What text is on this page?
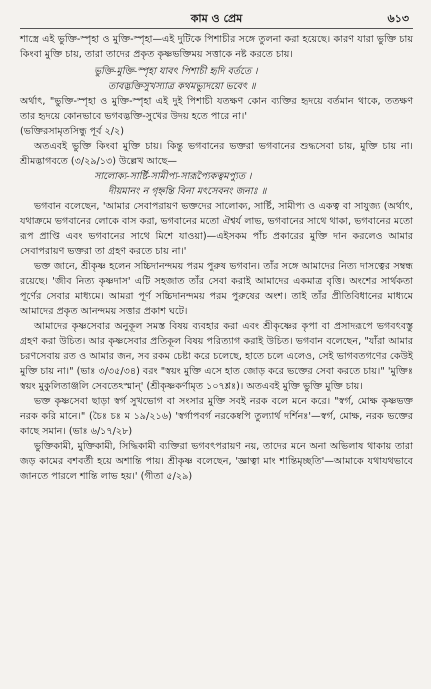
কাম ও প্রেম	৬১৩

শাস্ত্রে এই ভুক্তি-স্পৃহা ও মুক্তি-স্পৃহা—এই দুটিকে পিশাচীর সঙ্গে তুলনা করা হয়েছে। কারণ যারা ভুক্তি চায় কিংবা মুক্তি চায়, তারা তাদের প্রকৃত কৃষ্ণভক্তিময় সত্তাকে নষ্ট করতে চায়।

ভুক্তি-মুক্তি-স্পৃহা যাবৎ পিশাচী হৃদি বর্ততে ।

তাবদ্ভক্তিসুখস্যাত্র কথমভ্যুদয়ো ভবেৎ ॥

অর্থাৎ, "ভুক্তি-স্পৃহা ও মুক্তি-স্পৃহা এই দুই পিশাচী যতক্ষণ কোন ব্যক্তির হৃদয়ে বর্তমান থাকে, ততক্ষণ তার হৃদয়ে কোনভাবে ভগবদ্ভক্তি-সুখের উদয় হতে পারে না।'

(ভক্তিরসামৃতসিন্ধু পূর্ব ২/২)

অতএবই ভুক্তি কিংবা মুক্তি চায়। কিন্তু ভগবানের ভক্তরা ভগবানের শুদ্ধসেবা চায়, মুক্তি চায় না। শ্রীমদ্ভাগবতে (৩/২৯/১৩) উল্লেখ আছে—

সালোক্য-সার্ষ্টি-সামীপ্য-সারূপ্যৈকত্বমপ্যুত ।

দীয়মানং ন গৃহ্নন্তি বিনা মৎসেবনং জনাঃ ॥

ভগবান বলেছেন, 'আমার সেবাপরায়ণ ভক্তদের সালোক্য, সার্ষ্টি, সামীপ্য ও একত্ব বা সাযুজ্য (অর্থাৎ, যথাক্রমে ভগবানের লোকে বাস করা, ভগবানের মতো ঐশ্বর্য লাভ, ভগবানের সাথে থাকা, ভগবানের মতো রূপ প্রাপ্তি এবং ভগবানের সাথে মিশে যাওয়া)—এইসকম পাঁচ প্রকারের মুক্তি দান করলেও আমার সেবাপরায়ণ ভক্তরা তা গ্রহণ করতে চায় না।'

ভক্ত জানে, শ্রীকৃষ্ণ হলেন সচ্চিদানন্দময় পরম পুরুষ ভগবান। তাঁর সঙ্গে আমাদের নিত্য দাসত্বের সম্বন্ধ রয়েছে। 'জীব নিত্য কৃষ্ণদাস' এটি সহজাত তাঁর সেবা করাই আমাদের একমাত্র বৃত্তি। অংশের সার্থকতা পূর্ণের সেবার মাধ্যমে। আমরা পূর্ণ সচ্চিদানন্দময় পরম পুরুষের অংশ। তাই তাঁর প্রীতিবিধানের মাধ্যমে আমাদের প্রকৃত আনন্দময় সত্তার প্রকাশ ঘটে।

আমাদের কৃষ্ণসেবার অনুকূল সমস্ত বিষয় ব্যবহার করা এবং শ্রীকৃষ্ণের কৃপা বা প্রসাদরূপে ভগবৎবস্তু গ্রহণ করা উচিত। আর কৃষ্ণসেবার প্রতিকূল বিষয় পরিত্যাগ করাই উচিত। ভগবান বলেছেন, "যাঁরা আমার চরণসেবায় রত ও আমার জন, সব রকম চেষ্টা করে চলেছে, হাতে চলে এলেও, সেই ভাগবতগণের কেউই মুক্তি চায় না।" (ভাঃ ৩/৩৫/৩৪) বরং "স্বয়ং মুক্তি এসে হাত জোড় করে ভক্তের সেবা করতে চায়।" 'মুক্তিঃ স্বয়ং মুকুলিতাঞ্জলি সেবতেঽস্মান্' (শ্রীকৃষ্ণকর্ণামৃত ১০৭শ্লঃ)। অতএবই মুক্তি ভুক্তি মুক্তি চায়।

ভক্ত কৃষ্ণসেবা ছাড়া স্বর্গ সুখভোগ বা সংসার মুক্তি সবই নরক বলে মনে করে। "স্বর্গ, মোক্ষ কৃষ্ণভক্ত নরক করি মানে।" (চৈঃ চঃ ম ১৯/২১৬) 'স্বর্গাপবর্গ নরকেষ্বপি তুল্যার্থ দর্শিনঃ'—স্বর্গ, মোক্ষ, নরক ভক্তের কাছে সমান। (ভাঃ ৬/১৭/২৮)

ভুক্তিকামী, মুক্তিকামী, সিদ্ধিকামী ব্যক্তিরা ভগবৎপরায়ণ নয়, তাদের মনে অনা অভিলাষ থাকায় তারা জড় কামের বশবর্তী হয়ে অশান্তি পায়। শ্রীকৃষ্ণ বলেছেন, 'জ্ঞাত্বা মাং শান্তিমৃচ্ছতি'—আমাকে যথাযথভাবে জানতে পারলে শান্তি লাভ হয়।' (গীতা ৫/২৯)
